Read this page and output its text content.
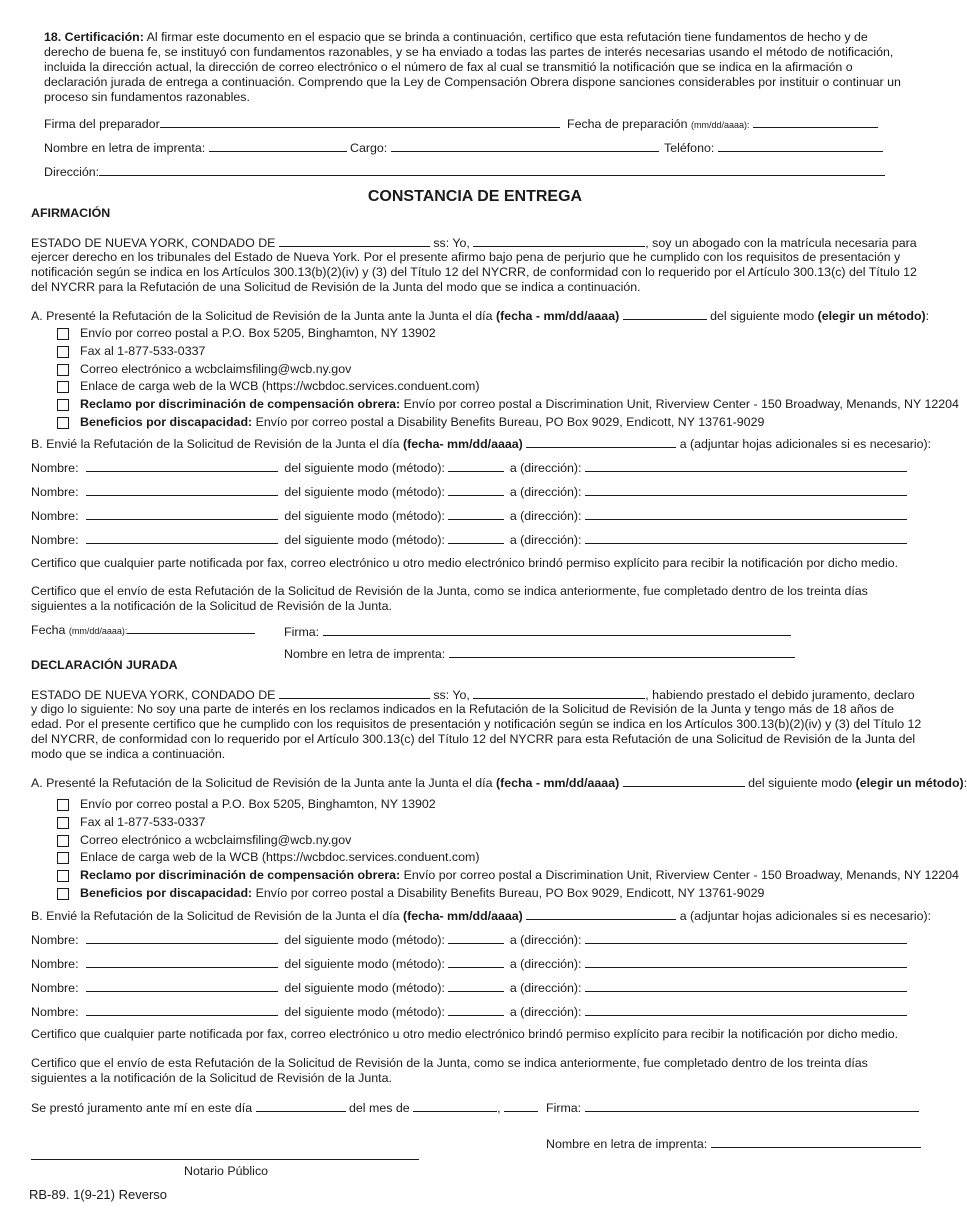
18. Certificación: Al firmar este documento en el espacio que se brinda a continuación, certifico que esta refutación tiene fundamentos de hecho y de derecho de buena fe, se instituyó con fundamentos razonables, y se ha enviado a todas las partes de interés necesarias usando el método de notificación, incluida la dirección actual, la dirección de correo electrónico o el número de fax al cual se transmitió la notificación que se indica en la afirmación o declaración jurada de entrega a continuación. Comprendo que la Ley de Compensación Obrera dispone sanciones considerables por instituir o continuar un proceso sin fundamentos razonables.
Firma del preparador	Fecha de preparación (mm/dd/aaaa):
Nombre en letra de imprenta:	Cargo:	Teléfono:
Dirección:
CONSTANCIA DE ENTREGA
AFIRMACIÓN
ESTADO DE NUEVA YORK, CONDADO DE	ss: Yo,	, soy un abogado con la matrícula necesaria para
ejercer derecho en los tribunales del Estado de Nueva York. Por el presente afirmo bajo pena de perjurio que he cumplido con los requisitos de presentación y notificación según se indica en los Artículos 300.13(b)(2)(iv) y (3) del Título 12 del NYCRR, de conformidad con lo requerido por el Artículo 300.13(c) del Título 12 del NYCRR para la Refutación de una Solicitud de Revisión de la Junta del modo que se indica a continuación.
A. Presenté la Refutación de la Solicitud de Revisión de la Junta ante la Junta el día (fecha - mm/dd/aaaa)	del siguiente modo (elegir un método):
Envío por correo postal a P.O. Box 5205, Binghamton, NY 13902
Fax al 1-877-533-0337
Correo electrónico a wcbclaimsfiling@wcb.ny.gov
Enlace de carga web de la WCB (https://wcbdoc.services.conduent.com)
Reclamo por discriminación de compensación obrera: Envío por correo postal a Discrimination Unit, Riverview Center - 150 Broadway, Menands, NY 12204
Beneficios por discapacidad: Envío por correo postal a Disability Benefits Bureau, PO Box 9029, Endicott, NY 13761-9029
B. Envié la Refutación de la Solicitud de Revisión de la Junta el día (fecha- mm/dd/aaaa)	a (adjuntar hojas adicionales si es necesario):
Nombre:	del siguiente modo (método):	a (dirección):
Nombre:	del siguiente modo (método):	a (dirección):
Nombre:	del siguiente modo (método):	a (dirección):
Nombre:	del siguiente modo (método):	a (dirección):
Certifico que cualquier parte notificada por fax, correo electrónico u otro medio electrónico brindó permiso explícito para recibir la notificación por dicho medio.
Certifico que el envío de esta Refutación de la Solicitud de Revisión de la Junta, como se indica anteriormente, fue completado dentro de los treinta días siguientes a la notificación de la Solicitud de Revisión de la Junta.
Fecha (mm/dd/aaaa):	Firma:
Nombre en letra de imprenta:
DECLARACIÓN JURADA
ESTADO DE NUEVA YORK, CONDADO DE	ss: Yo,	, habiendo prestado el debido juramento, declaro
y digo lo siguiente: No soy una parte de interés en los reclamos indicados en la Refutación de la Solicitud de Revisión de la Junta y tengo más de 18 años de edad. Por el presente certifico que he cumplido con los requisitos de presentación y notificación según se indica en los Artículos 300.13(b)(2)(iv) y (3) del Título 12 del NYCRR, de conformidad con lo requerido por el Artículo 300.13(c) del Título 12 del NYCRR para esta Refutación de una Solicitud de Revisión de la Junta del modo que se indica a continuación.
A. Presenté la Refutación de la Solicitud de Revisión de la Junta ante la Junta el día (fecha - mm/dd/aaaa)	del siguiente modo (elegir un método):
Envío por correo postal a P.O. Box 5205, Binghamton, NY 13902
Fax al 1-877-533-0337
Correo electrónico a wcbclaimsfiling@wcb.ny.gov
Enlace de carga web de la WCB (https://wcbdoc.services.conduent.com)
Reclamo por discriminación de compensación obrera: Envío por correo postal a Discrimination Unit, Riverview Center - 150 Broadway, Menands, NY 12204
Beneficios por discapacidad: Envío por correo postal a Disability Benefits Bureau, PO Box 9029, Endicott, NY 13761-9029
B. Envié la Refutación de la Solicitud de Revisión de la Junta el día (fecha- mm/dd/aaaa)	a (adjuntar hojas adicionales si es necesario):
Nombre:	del siguiente modo (método):	a (dirección):
Nombre:	del siguiente modo (método):	a (dirección):
Nombre:	del siguiente modo (método):	a (dirección):
Nombre:	del siguiente modo (método):	a (dirección):
Certifico que cualquier parte notificada por fax, correo electrónico u otro medio electrónico brindó permiso explícito para recibir la notificación por dicho medio.
Certifico que el envío de esta Refutación de la Solicitud de Revisión de la Junta, como se indica anteriormente, fue completado dentro de los treinta días siguientes a la notificación de la Solicitud de Revisión de la Junta.
Se prestó juramento ante mí en este día	del mes de	,	Firma:
Nombre en letra de imprenta:
Notario Público
RB-89. 1(9-21) Reverso
